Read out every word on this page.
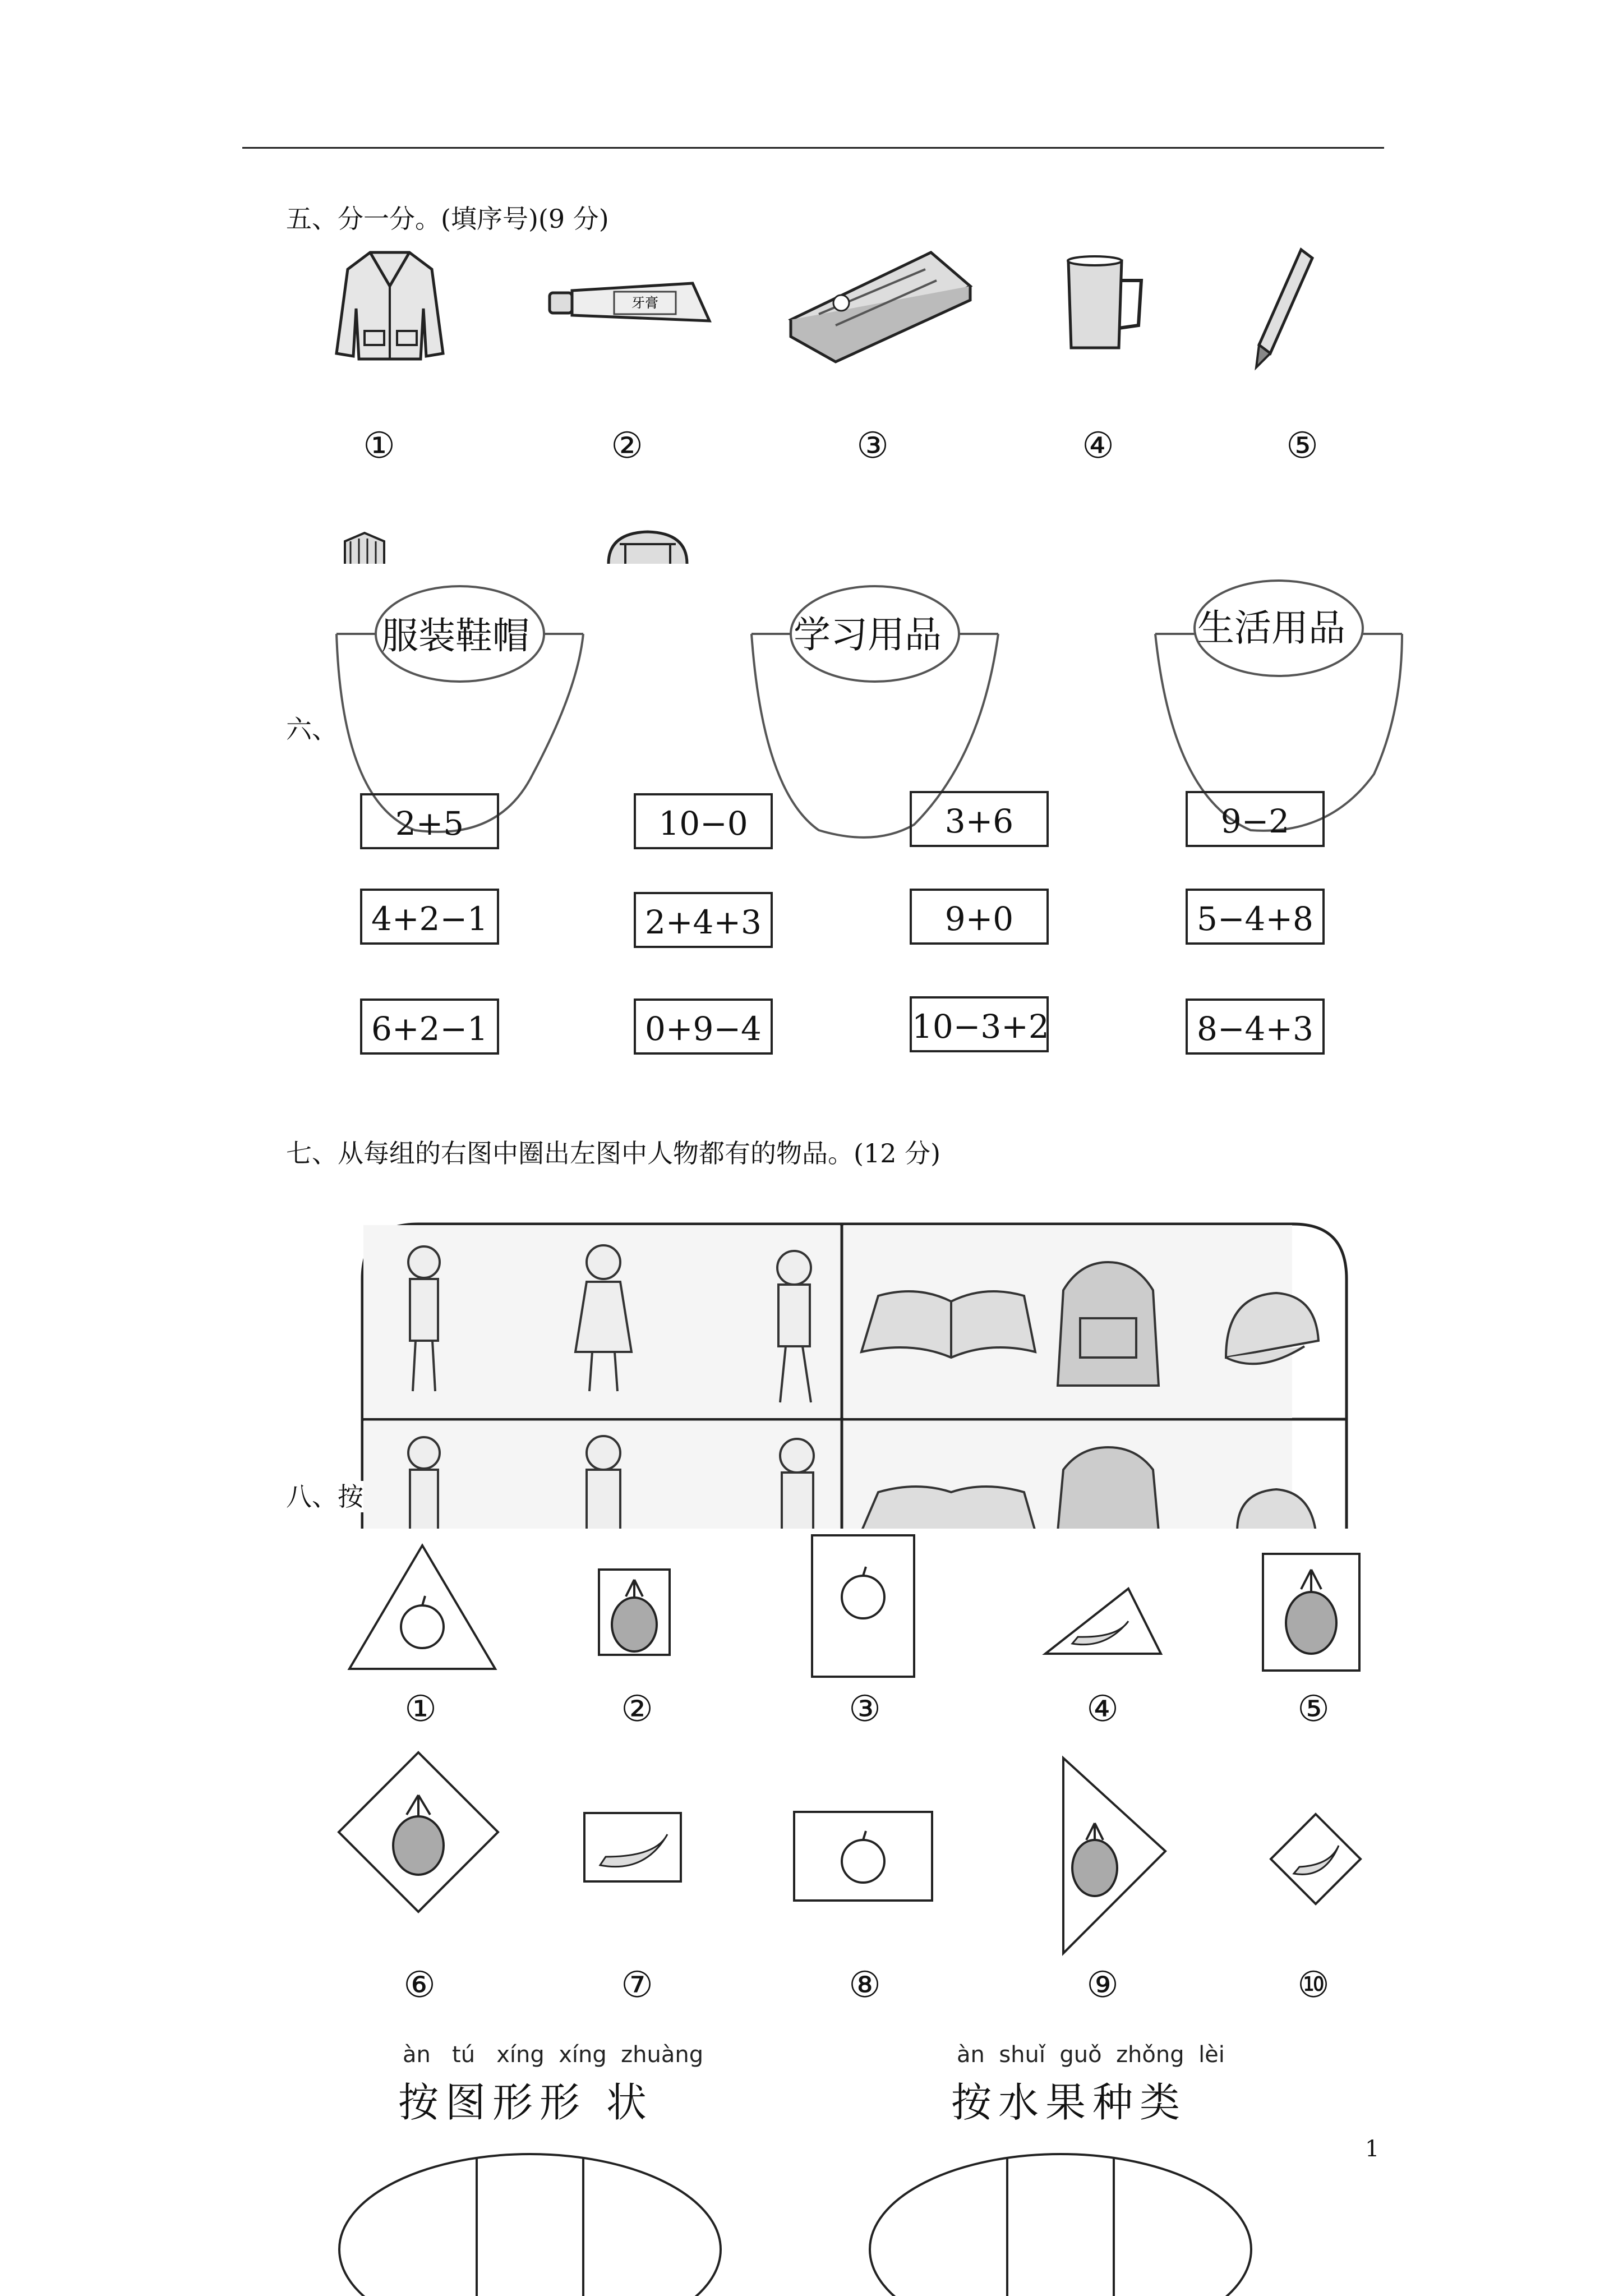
五、分一分。(填序号)(9 分)
牙膏
①	②	③	④	⑤
服装鞋帽	学习用品	生活用品
六、
2+5	10−0	3+6	9−2
4+2−1	2+4+3	9+0	5−4+8
6+2−1	0+9−4	10−3+2	8−4+3
七、从每组的右图中圈出左图中人物都有的物品。(12 分)
八、按
①	②	③	④	⑤
⑥	⑦	⑧	⑨	⑩
àn tú xíng xíng zhuàng
按图形形 状
àn shuǐ guǒ zhǒng lèi
按水果种类
1
